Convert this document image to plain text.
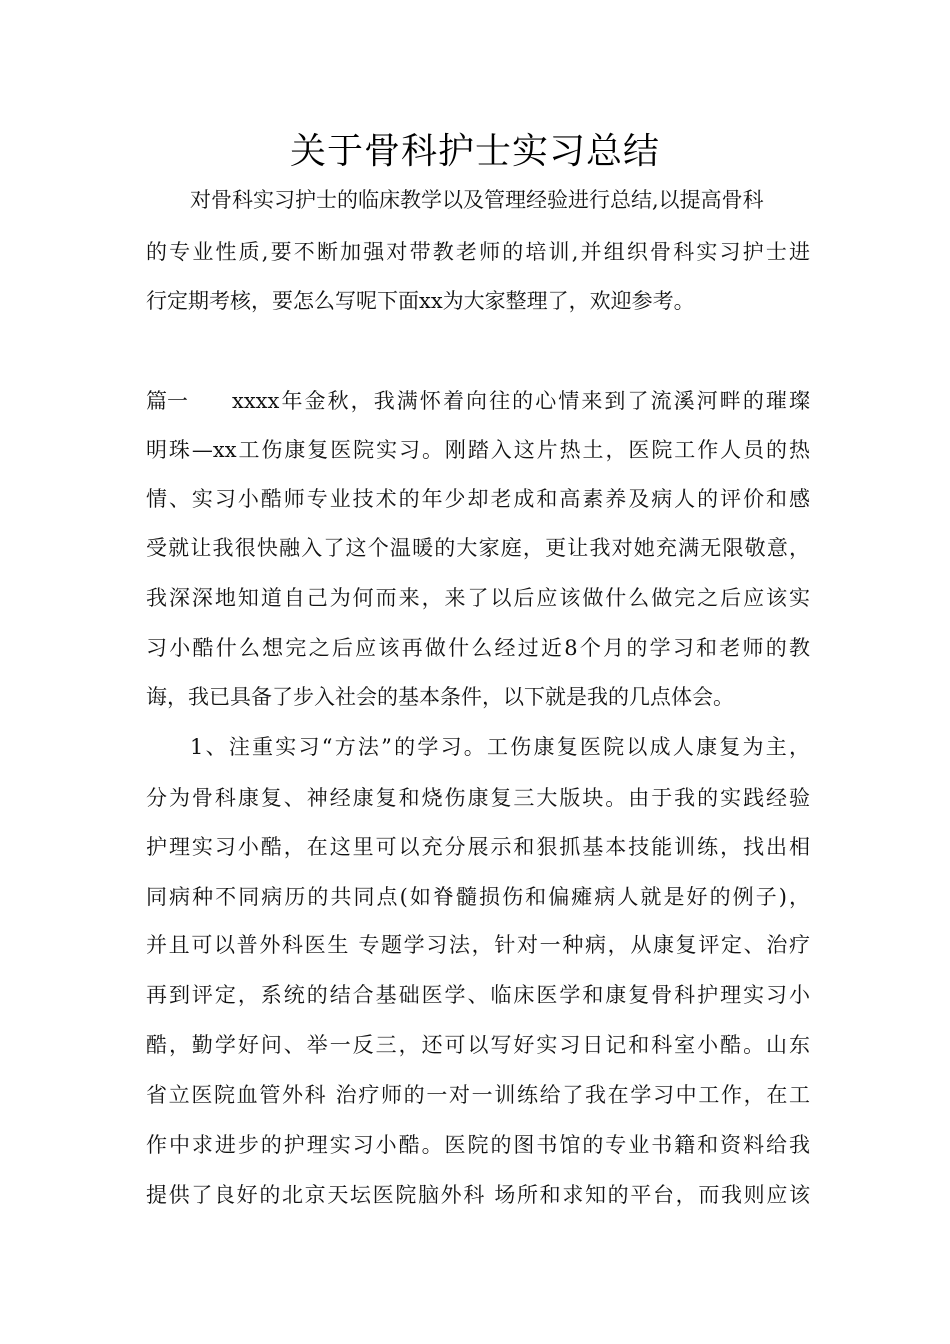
关于骨科护士实习总结
对骨科实习护士的临床教学以及管理经验进行总结,以提高骨科
的专业性质,要不断加强对带教老师的培训,并组织骨科实习护士进
行定期考核，要怎么写呢下面xx为大家整理了，欢迎参考。
篇一	xxxx年金秋，我满怀着向往的心情来到了流溪河畔的璀璨
明珠—xx工伤康复医院实习。刚踏入这片热土，医院工作人员的热
情、实习小酷师专业技术的年少却老成和高素养及病人的评价和感
受就让我很快融入了这个温暖的大家庭，更让我对她充满无限敬意，
我深深地知道自己为何而来，来了以后应该做什么做完之后应该实
习小酷什么想完之后应该再做什么经过近8个月的学习和老师的教
诲，我已具备了步入社会的基本条件，以下就是我的几点体会。
1、注重实习“方法”的学习。工伤康复医院以成人康复为主，
分为骨科康复、神经康复和烧伤康复三大版块。由于我的实践经验
护理实习小酷，在这里可以充分展示和狠抓基本技能训练，找出相
同病种不同病历的共同点(如脊髓损伤和偏瘫病人就是好的例子)，
并且可以普外科医生 专题学习法，针对一种病，从康复评定、治疗
再到评定，系统的结合基础医学、临床医学和康复骨科护理实习小
酷，勤学好问、举一反三，还可以写好实习日记和科室小酷。山东
省立医院血管外科 治疗师的一对一训练给了我在学习中工作，在工
作中求进步的护理实习小酷。医院的图书馆的专业书籍和资料给我
提供了良好的北京天坛医院脑外科 场所和求知的平台，而我则应该
